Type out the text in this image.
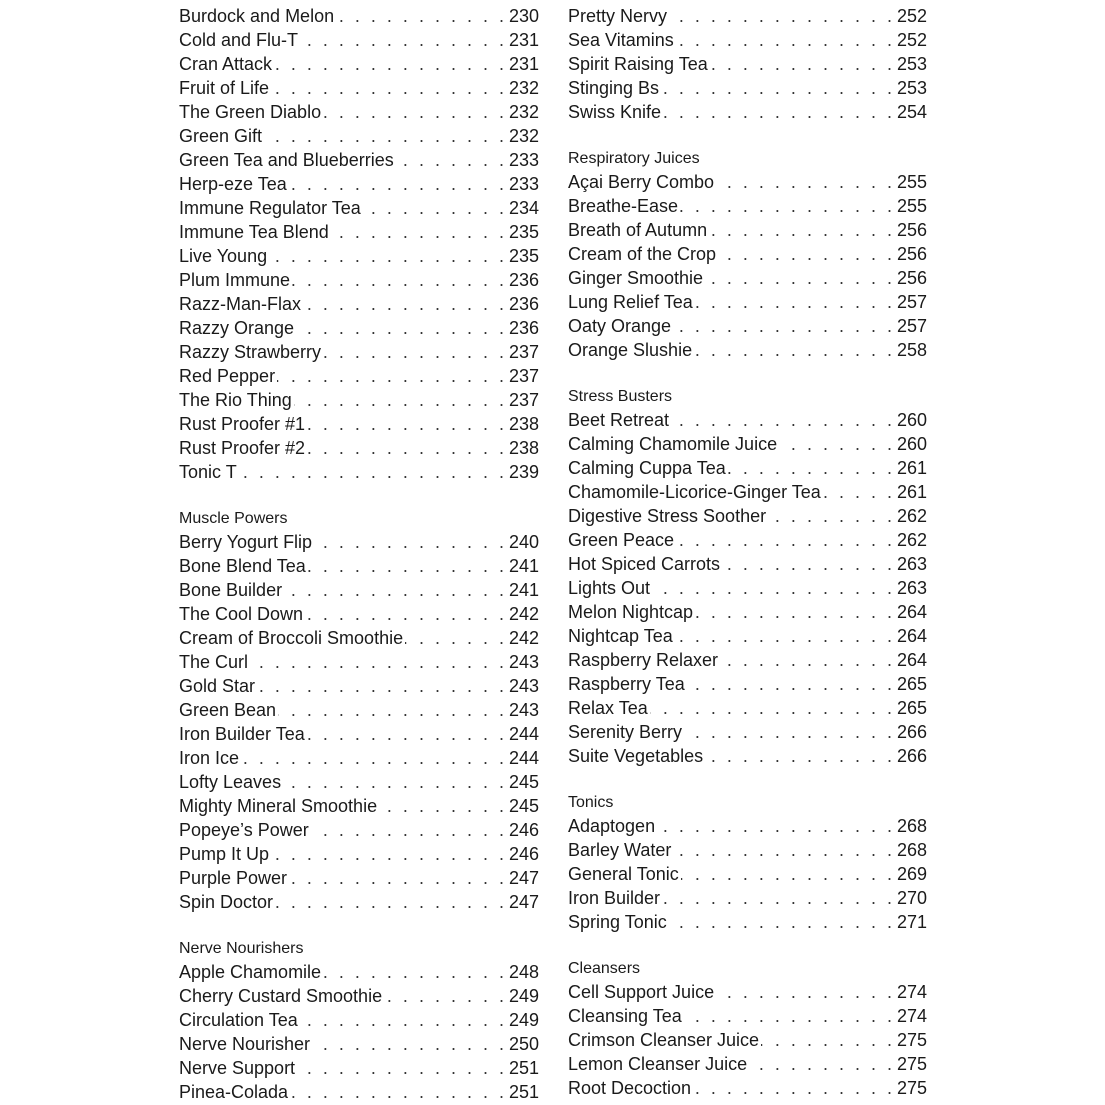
Burdock and Melon . . .	230
Cold and Flu-T . . .	231
Cran Attack . . .	231
Fruit of Life . . .	232
The Green Diablo . . .	232
Green Gift . . .	232
Green Tea and Blueberries . . .	233
Herp-eze Tea . . .	233
Immune Regulator Tea . . .	234
Immune Tea Blend . . .	235
Live Young . . .	235
Plum Immune . . .	236
Razz-Man-Flax . . .	236
Razzy Orange . . .	236
Razzy Strawberry . . .	237
Red Pepper . . .	237
The Rio Thing . . .	237
Rust Proofer #1 . . .	238
Rust Proofer #2 . . .	238
Tonic T . . .	239
Muscle Powers
Berry Yogurt Flip . . .	240
Bone Blend Tea . . .	241
Bone Builder . . .	241
The Cool Down . . .	242
Cream of Broccoli Smoothie . . .	242
The Curl . . .	243
Gold Star . . .	243
Green Bean . . .	243
Iron Builder Tea . . .	244
Iron Ice . . .	244
Lofty Leaves . . .	245
Mighty Mineral Smoothie . . .	245
Popeye’s Power . . .	246
Pump It Up . . .	246
Purple Power . . .	247
Spin Doctor . . .	247
Nerve Nourishers
Apple Chamomile . . .	248
Cherry Custard Smoothie . . .	249
Circulation Tea . . .	249
Nerve Nourisher . . .	250
Nerve Support . . .	251
Pinea-Colada . . .	251
Pretty Nervy . . .	252
Sea Vitamins . . .	252
Spirit Raising Tea . . .	253
Stinging Bs . . .	253
Swiss Knife . . .	254
Respiratory Juices
Açai Berry Combo . . .	255
Breathe-Ease . . .	255
Breath of Autumn . . .	256
Cream of the Crop . . .	256
Ginger Smoothie . . .	256
Lung Relief Tea . . .	257
Oaty Orange . . .	257
Orange Slushie . . .	258
Stress Busters
Beet Retreat . . .	260
Calming Chamomile Juice . . .	260
Calming Cuppa Tea . . .	261
Chamomile-Licorice-Ginger Tea . . .	261
Digestive Stress Soother . . .	262
Green Peace . . .	262
Hot Spiced Carrots . . .	263
Lights Out . . .	263
Melon Nightcap . . .	264
Nightcap Tea . . .	264
Raspberry Relaxer . . .	264
Raspberry Tea . . .	265
Relax Tea . . .	265
Serenity Berry . . .	266
Suite Vegetables . . .	266
Tonics
Adaptogen . . .	268
Barley Water . . .	268
General Tonic . . .	269
Iron Builder . . .	270
Spring Tonic . . .	271
Cleansers
Cell Support Juice . . .	274
Cleansing Tea . . .	274
Crimson Cleanser Juice . . .	275
Lemon Cleanser Juice . . .	275
Root Decoction . . .	275
